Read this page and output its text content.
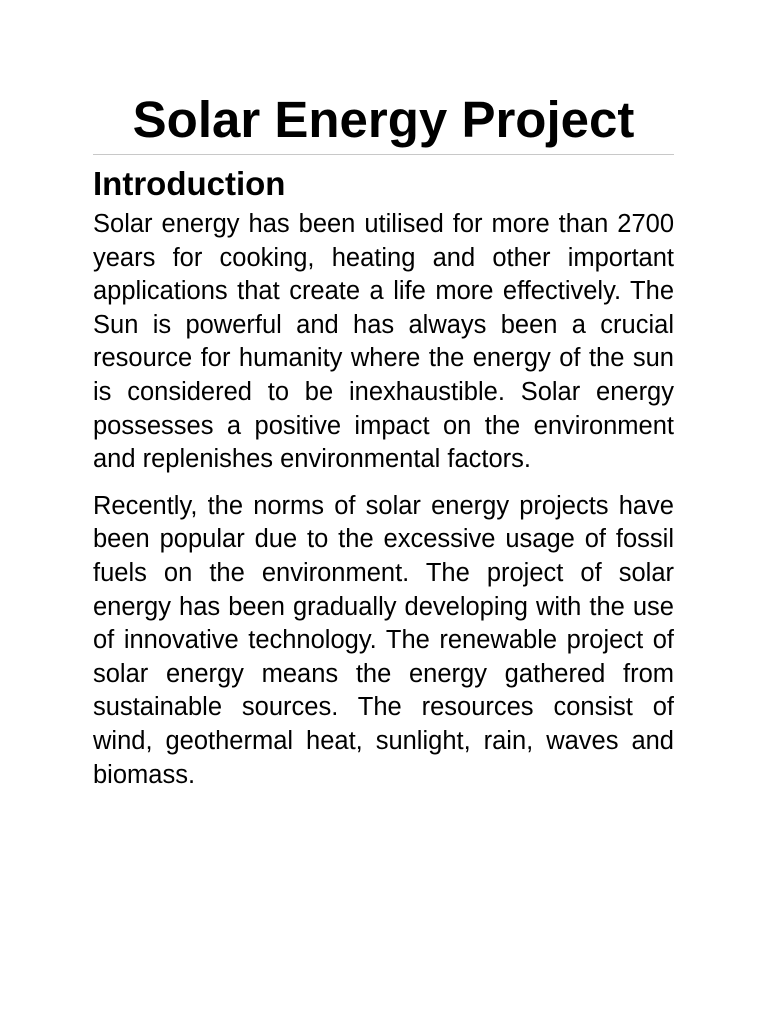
Solar Energy Project
Introduction

Solar energy has been utilised for more than 2700 years for cooking, heating and other important applications that create a life more effectively. The Sun is powerful and has always been a crucial resource for humanity where the energy of the sun is considered to be inexhaustible. Solar energy possesses a positive impact on the environment and replenishes environmental factors.

Recently, the norms of solar energy projects have been popular due to the excessive usage of fossil fuels on the environment. The project of solar energy has been gradually developing with the use of innovative technology. The renewable project of solar energy means the energy gathered from sustainable sources. The resources consist of wind, geothermal heat, sunlight, rain, waves and biomass.
